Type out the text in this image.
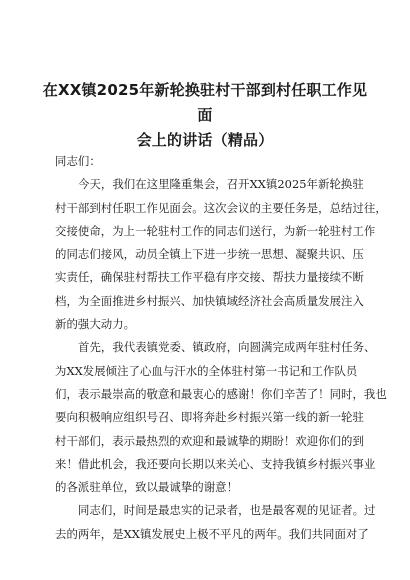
在XX镇2025年新轮换驻村干部到村任职工作见面
会上的讲话（精品）
同志们：
今天，我们在这里隆重集会，召开XX镇2025年新轮换驻
村干部到村任职工作见面会。这次会议的主要任务是，总结过往，
交接使命，为上一轮驻村工作的同志们送行，为新一轮驻村工作
的同志们接风，动员全镇上下进一步统一思想、凝聚共识、压
实责任，确保驻村帮扶工作平稳有序交接、帮扶力量接续不断
档，为全面推进乡村振兴、加快镇域经济社会高质量发展注入
新的强大动力。
首先，我代表镇党委、镇政府，向圆满完成两年驻村任务、
为XX发展倾注了心血与汗水的全体驻村第一书记和工作队员
们，表示最崇高的敬意和最衷心的感谢！你们辛苦了！同时，我也
要向积极响应组织号召、即将奔赴乡村振兴第一线的新一轮驻
村干部们，表示最热烈的欢迎和最诚挚的期盼！欢迎你们的到
来！借此机会，我还要向长期以来关心、支持我镇乡村振兴事业
的各派驻单位，致以最诚挚的谢意！
同志们，时间是最忠实的记录者，也是最客观的见证者。过
去的两年，是XX镇发展史上极不平凡的两年。我们共同面对了
